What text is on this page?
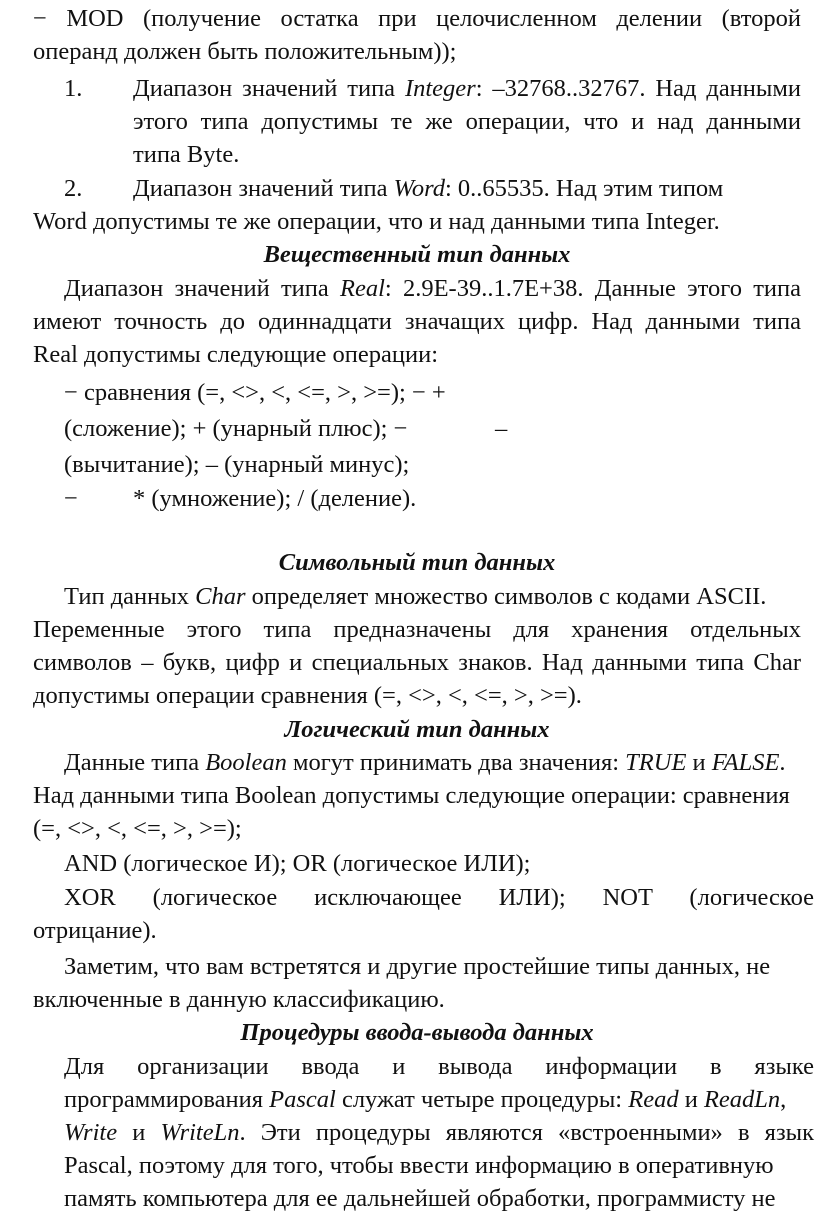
− MOD (получение остатка при целочисленном делении (второй
операнд должен быть положительным));
1. Диапазон значений типа Integer: –32768..32767. Над данными
этого типа допустимы те же операции, что и над данными
типа Byte.
2. Диапазон значений типа Word: 0..65535. Над этим типом
Word допустимы те же операции, что и над данными типа Integer.
Вещественный тип данных
Диапазон значений типа Real: 2.9E-39..1.7E+38. Данные этого типа
имеют точность до одиннадцати значащих цифр. Над данными типа
Real допустимы следующие операции:
− сравнения (=, <>, <, <=, >, >=); − +
(сложение); + (унарный плюс); −	–
(вычитание); – (унарный минус);
−	* (умножение); / (деление).
Символьный тип данных
Тип данных Char определяет множество символов с кодами ASCII.
Переменные этого типа предназначены для хранения отдельных
символов – букв, цифр и специальных знаков. Над данными типа Char
допустимы операции сравнения (=, <>, <, <=, >, >=).
Логический тип данных
Данные типа Boolean могут принимать два значения: TRUE и FALSE.
Над данными типа Boolean допустимы следующие операции: сравнения
(=, <>, <, <=, >, >=);
AND (логическое И); OR (логическое ИЛИ);
XOR (логическое исключающее ИЛИ); NOT (логическое
отрицание).
Заметим, что вам встретятся и другие простейшие типы данных, не
включенные в данную классификацию.
Процедуры ввода-вывода данных
Для организации ввода и вывода информации в языке
программирования Pascal служат четыре процедуры: Read и ReadLn,
Write и WriteLn. Эти процедуры являются «встроенными» в язык
Pascal, поэтому для того, чтобы ввести информацию в оперативную
память компьютера для ее дальнейшей обработки, программисту не
